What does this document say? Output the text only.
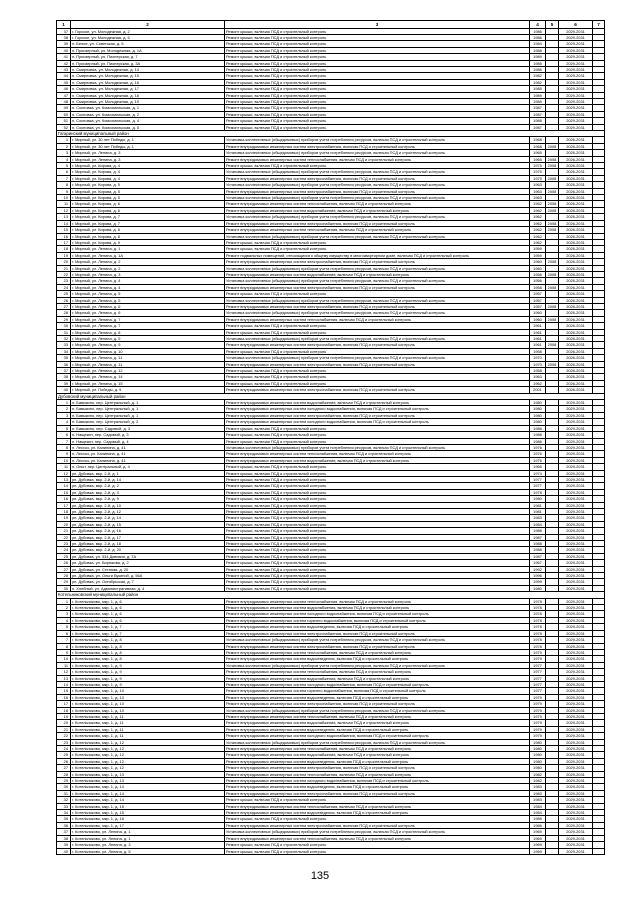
1	2	3	4	5	6	7
37	г. Горское, ул. Молодежная, д. 2	Ремонт крыши, включая ПСД и строительный контроль	1986		2029-2031	
38	г. Горское, ул. Молодежная, д. 5	Ремонт крыши, включая ПСД и строительный контроль	1986		2029-2031	
39	п. Белое, ул. Советская, д. 5	Ремонт крыши, включая ПСД и строительный контроль	1984		2029-2031	
40	п. Приозерный, ул. Молодежная, д. 1А	Ремонт крыши, включая ПСД и строительный контроль	1988		2029-2031	
41	п. Приозерный, ул. Пионерская, д. 7	Ремонт крыши, включая ПСД и строительный контроль	1989		2029-2031	
42	п. Приозерный, ул. Пионерская, д. 3А	Ремонт крыши, включая ПСД и строительный контроль	1985		2029-2031	
43	п. Смирновка, ул. Молодежная, д. 14	Ремонт крыши, включая ПСД и строительный контроль	1986		2029-2031	
44	п. Смирновка, ул. Молодежная, д. 15	Ремонт крыши, включая ПСД и строительный контроль	1982		2029-2031	
45	п. Смирновка, ул. Молодежная, д. 16	Ремонт крыши, включая ПСД и строительный контроль	1982		2029-2031	
46	п. Смирновка, ул. Молодежная, д. 17	Ремонт крыши, включая ПСД и строительный контроль	1985		2029-2031	
47	п. Смирновка, ул. Молодежная, д. 18	Ремонт крыши, включая ПСД и строительный контроль	1989		2029-2031	
48	п. Смирновка, ул. Молодежная, д. 19	Ремонт крыши, включая ПСД и строительный контроль	1989		2029-2031	
49	п. Сосновка, ул. Комсомольская, д. 1	Ремонт крыши, включая ПСД и строительный контроль	1987		2029-2031	
50	п. Сосновка, ул. Комсомольская, д. 2	Ремонт крыши, включая ПСД и строительный контроль	1987		2029-2031	
51	п. Сосновка, ул. Комсомольская, д. 4	Ремонт крыши, включая ПСД и строительный контроль	1988		2029-2031	
52	п. Сосновка, ул. Комсомольская, д. 5	Ремонт крыши, включая ПСД и строительный контроль	1987		2029-2031	
Гагаринский муниципальный район						
1	г. Мирный, ул. 30 лет Победы, д. 1	Установка коллективных (общедомовых) приборов учета потребления ресурсов, включая ПСД и строительный контроль	1968		2026-2031	
2	г. Мирный, ул. 30 лет Победы, д. 1	Ремонт внутридомовых инженерных систем электроснабжения, включая ПСД и строительный контроль	1968	2008	2026-2031	
3	г. Мирный, ул. Ленина, д. 3	Установка коллективных (общедомовых) приборов учета потребления ресурсов, включая ПСД и строительный контроль	1965		2026-2031	
4	г. Мирный, ул. Ленина, д. 3	Ремонт внутридомовых инженерных систем теплоснабжения, включая ПСД и строительный контроль	1965	2008	2026-2031	
5	г. Мирный, ул. Кирова, д. 4	Ремонт крыши, включая ПСД и строительный контроль	1975	2008	2026-2031	
6	г. Мирный, ул. Кирова, д. 4	Установка коллективных (общедомовых) приборов учета потребления ресурсов, включая ПСД и строительный контроль	1975		2026-2031	
7	г. Мирный, ул. Кирова, д. 4	Ремонт внутридомовых инженерных систем электроснабжения, включая ПСД и строительный контроль	1975	2008	2026-2031	
8	г. Мирный, ул. Кирова, д. 5	Установка коллективных (общедомовых) приборов учета потребления ресурсов, включая ПСД и строительный контроль	1963		2026-2031	
9	г. Мирный, ул. Кирова, д. 5	Ремонт внутридомовых инженерных систем электроснабжения, включая ПСД и строительный контроль	1963	2008	2026-2031	
10	г. Мирный, ул. Кирова, д. 5	Установка коллективных (общедомовых) приборов учета потребления ресурсов, включая ПСД и строительный контроль	1963		2026-2031	
11	г. Мирный, ул. Кирова, д. 6	Ремонт внутридомовых инженерных систем теплоснабжения, включая ПСД и строительный контроль	1962	2008	2026-2031	
12	г. Мирный, ул. Кирова, д. 6	Ремонт внутридомовых инженерных систем водоснабжения, включая ПСД и строительный контроль	1962	2008	2026-2031	
13	г. Мирный, ул. Кирова, д. 7	Установка коллективных (общедомовых) приборов учета потребления ресурсов, включая ПСД и строительный контроль	1962		2026-2031	
14	г. Мирный, ул. Кирова, д. 7	Ремонт внутридомовых инженерных систем электроснабжения, включая ПСД и строительный контроль	1962	2008	2026-2031	
15	г. Мирный, ул. Кирова, д. 8	Ремонт внутридомовых инженерных систем теплоснабжения, включая ПСД и строительный контроль	1962	2008	2026-2031	
16	г. Мирный, ул. Кирова, д. 8	Установка коллективных (общедомовых) приборов учета потребления ресурсов, включая ПСД и строительный контроль	1962		2026-2031	
17	г. Мирный, ул. Кирова, д. 9	Ремонт крыши, включая ПСД и строительный контроль	1962		2026-2031	
18	г. Мирный, ул. Ленина, д. 1	Ремонт крыши, включая ПСД и строительный контроль	1959		2026-2031	
19	г. Мирный, ул. Ленина, д. 1А	Ремонт подвальных помещений, относящихся к общему имуществу в многоквартирном доме, включая ПСД и строительный контроль	1959		2026-2031	
20	г. Мирный, ул. Ленина, д. 2	Ремонт внутридомовых инженерных систем электроснабжения, включая ПСД и строительный контроль	1960	2008	2026-2031	
21	г. Мирный, ул. Ленина, д. 2	Установка коллективных (общедомовых) приборов учета потребления ресурсов, включая ПСД и строительный контроль	1960		2026-2031	
22	г. Мирный, ул. Ленина, д. 3	Ремонт внутридомовых инженерных систем водоснабжения, включая ПСД и строительный контроль	1956	2008	2026-2031	
23	г. Мирный, ул. Ленина, д. 4	Установка коллективных (общедомовых) приборов учета потребления ресурсов, включая ПСД и строительный контроль	1956		2026-2031	
24	г. Мирный, ул. Ленина, д. 4	Ремонт внутридомовых инженерных систем электроснабжения, включая ПСД и строительный контроль	1958	2008	2026-2031	
25	г. Мирный, ул. Ленина, д. 5	Ремонт крыши, включая ПСД и строительный контроль	1957		2026-2031	
26	г. Мирный, ул. Ленина, д. 5	Установка коллективных (общедомовых) приборов учета потребления ресурсов, включая ПСД и строительный контроль	1957		2026-2031	
27	г. Мирный, ул. Ленина, д. 6	Ремонт внутридомовых инженерных систем электроснабжения, включая ПСД и строительный контроль	1957	2008	2026-2031	
28	г. Мирный, ул. Ленина, д. 6	Установка коллективных (общедомовых) приборов учета потребления ресурсов, включая ПСД и строительный контроль	1960		2026-2031	
29	г. Мирный, ул. Ленина, д. 7	Ремонт внутридомовых инженерных систем теплоснабжения, включая ПСД и строительный контроль	1960	2008	2026-2031	
30	г. Мирный, ул. Ленина, д. 7	Ремонт крыши, включая ПСД и строительный контроль	1961		2026-2031	
31	г. Мирный, ул. Ленина, д. 8	Ремонт крыши, включая ПСД и строительный контроль	1961		2026-2031	
32	г. Мирный, ул. Ленина, д. 9	Установка коллективных (общедомовых) приборов учета потребления ресурсов, включая ПСД и строительный контроль	1961		2026-2031	
33	г. Мирный, ул. Ленина, д. 9	Ремонт внутридомовых инженерных систем электроснабжения, включая ПСД и строительный контроль	1961	2008	2026-2031	
34	г. Мирный, ул. Ленина, д. 10	Ремонт крыши, включая ПСД и строительный контроль	1958		2026-2031	
35	г. Мирный, ул. Ленина, д. 11	Установка коллективных (общедомовых) приборов учета потребления ресурсов, включая ПСД и строительный контроль	1970		2026-2031	
36	г. Мирный, ул. Ленина, д. 11	Ремонт внутридомовых инженерных систем электроснабжения, включая ПСД и строительный контроль	1970	2008	2026-2031	
37	г. Мирный, ул. Ленина, д. 12	Ремонт крыши, включая ПСД и строительный контроль	1958		2026-2031	
38	г. Мирный, ул. Ленина, д. 14	Ремонт крыши, включая ПСД и строительный контроль	1963		2026-2031	
39	г. Мирный, ул. Ленина, д. 15	Ремонт крыши, включая ПСД и строительный контроль	1962		2026-2031	
40	г. Мирный, ул. Победы, д. 9	Ремонт внутридомовых инженерных систем электроснабжения, включая ПСД и строительный контроль	2001		2026-2031	
Дубовский муниципальный район						
1	п. Бавыкино, пер. Центральный, д. 1	Ремонт внутридомовых инженерных систем водоснабжения, включая ПСД и строительный контроль	1980		2029-2031	
2	п. Бавыкино, пер. Центральный, д. 1	Ремонт внутридомовых инженерных систем холодного водоснабжения, включая ПСД и строительный контроль	1980		2029-2031	
3	п. Бавыкино, пер. Центральный, д. 1	Ремонт внутридомовых инженерных систем электроснабжения, включая ПСД и строительный контроль	1980		2029-2031	
4	п. Бавыкино, пер. Центральный, д. 2	Ремонт внутридомовых инженерных систем холодного водоснабжения, включая ПСД и строительный контроль	1980		2029-2031	
5	п. Бавыкино, пер. Садовый, д. 3	Ремонт крыши, включая ПСД и строительный контроль	1986		2029-2031	
6	п. Нащекин, пер. Садовый, д. 3	Ремонт крыши, включая ПСД и строительный контроль	1986		2029-2031	
7	п. Нащекин, пер. Садовый, д. 4	Ремонт крыши, включая ПСД и строительный контроль	1986		2029-2031	
8	п. Лесхоз, ул. Калинина, д. 41	Установка коллективных (общедомовых) приборов учета потребления ресурсов, включая ПСД и строительный контроль	1976		2029-2031	
9	п. Лесхоз, ул. Калинина, д. 41	Ремонт внутридомовых инженерных систем теплоснабжения, включая ПСД и строительный контроль	1976		2029-2031	
10	п. Лесхоз, ул. Калинина, д. 41	Ремонт внутридомовых инженерных систем водоснабжения, включая ПСД и строительный контроль	1976		2029-2031	
11	п. Опыт, пер. Центральный, д. 4	Ремонт крыши, включая ПСД и строительный контроль	1965		2029-2031	
12	рп. Дубовка, мкр. 2-й, д. 1	Ремонт крыши, включая ПСД и строительный контроль	1974		2029-2031	
13	рп. Дубовка, мкр. 2-й, д. 14	Ремонт крыши, включая ПСД и строительный контроль	1977		2029-2031	
14	рп. Дубовка, мкр. 2-й, д. 2	Ремонт крыши, включая ПСД и строительный контроль	1977		2029-2031	
15	рп. Дубовка, мкр. 2-й, д. 4	Ремонт крыши, включая ПСД и строительный контроль	1978		2029-2031	
16	рп. Дубовка, мкр. 2-й, д. 9	Ремонт крыши, включая ПСД и строительный контроль	1980		2029-2031	
17	рп. Дубовка, мкр. 2-й, д. 10	Ремонт крыши, включая ПСД и строительный контроль	1981		2029-2031	
18	рп. Дубовка, мкр. 2-й, д. 12	Ремонт крыши, включая ПСД и строительный контроль	1981		2029-2031	
19	рп. Дубовка, мкр. 2-й, д. 14	Ремонт крыши, включая ПСД и строительный контроль	1983		2029-2031	
20	рп. Дубовка, мкр. 2-й, д. 15	Ремонт крыши, включая ПСД и строительный контроль	1984		2029-2031	
21	рп. Дубовка, мкр. 2-й, д. 16	Ремонт крыши, включая ПСД и строительный контроль	1986		2029-2031	
22	рп. Дубовка, мкр. 2-й, д. 17	Ремонт крыши, включая ПСД и строительный контроль	1987		2029-2031	
23	рп. Дубовка, мкр. 2-й, д. 18	Ремонт крыши, включая ПСД и строительный контроль	1988		2029-2031	
24	рп. Дубовка, мкр. 2-й, д. 20	Ремонт крыши, включая ПСД и строительный контроль	1988		2029-2031	
25	рп. Дубовка, ул. 334 Дивизии, д. 7А	Ремонт крыши, включая ПСД и строительный контроль	1987		2029-2031	
26	рп. Дубовка, ул. Бирюкова, д. 2	Ремонт крыши, включая ПСД и строительный контроль	1967		2029-2031	
27	рп. Дубовка, ул. Степная, д. 20	Ремонт крыши, включая ПСД и строительный контроль	1992		2029-2031	
28	рп. Дубовка, ул. Ольги Букиной, д. 56А	Ремонт крыши, включая ПСД и строительный контроль	1996		2029-2031	
29	рп. Дубовка, ул. Октябрьская, д. 7	Ремонт крыши, включая ПСД и строительный контроль	1999		2029-2031	
30	п. Хлебный, ул. Административная, д. 4	Ремонт крыши, включая ПСД и строительный контроль	1980		2029-2031	
Котельниковский муниципальный район						
1	г. Котельниково, мкр. 1, д. 6	Ремонт внутридомовых инженерных систем теплоснабжения, включая ПСД и строительный контроль	1978		2029-2031	
2	г. Котельниково, мкр. 1, д. 6	Ремонт внутридомовых инженерных систем водоснабжения, включая ПСД и строительный контроль	1978		2029-2031	
3	г. Котельниково, мкр. 1, д. 6	Ремонт внутридомовых инженерных систем холодного водоснабжения, включая ПСД и строительный контроль	1978		2029-2031	
4	г. Котельниково, мкр. 1, д. 6	Ремонт внутридомовых инженерных систем горячего водоснабжения, включая ПСД и строительный контроль	1978		2029-2031	
5	г. Котельниково, мкр. 1, д. 7	Ремонт внутридомовых инженерных систем водоотведения, включая ПСД и строительный контроль	1978		2029-2031	
6	г. Котельниково, мкр. 1, д. 7	Ремонт внутридомовых инженерных систем электроснабжения, включая ПСД и строительный контроль	1978		2029-2031	
7	г. Котельниково, мкр. 1, д. 8	Установка коллективных (общедомовых) приборов учета потребления ресурсов, включая ПСД и строительный контроль	1978		2029-2031	
8	г. Котельниково, мкр. 1, д. 8	Ремонт внутридомовых инженерных систем электроснабжения, включая ПСД и строительный контроль	1978		2029-2031	
9	г. Котельниково, мкр. 1, д. 8	Ремонт внутридомовых инженерных систем теплоснабжения, включая ПСД и строительный контроль	1979		2029-2031	
10	г. Котельниково, мкр. 1, д. 8	Ремонт внутридомовых инженерных систем водоотведения, включая ПСД и строительный контроль	1979		2029-2031	
11	г. Котельниково, мкр. 1, д. 9	Установка коллективных (общедомовых) приборов учета потребления ресурсов, включая ПСД и строительный контроль	1977		2029-2031	
12	г. Котельниково, мкр. 1, д. 9	Ремонт внутридомовых инженерных систем теплоснабжения, включая ПСД и строительный контроль	1977		2029-2031	
13	г. Котельниково, мкр. 1, д. 9	Ремонт внутридомовых инженерных систем водоснабжения, включая ПСД и строительный контроль	1977		2029-2031	
14	г. Котельниково, мкр. 1, д. 9	Ремонт внутридомовых инженерных систем холодного водоснабжения, включая ПСД и строительный контроль	1977		2029-2031	
15	г. Котельниково, мкр. 1, д. 10	Ремонт внутридомовых инженерных систем горячего водоснабжения, включая ПСД и строительный контроль	1977		2029-2031	
16	г. Котельниково, мкр. 1, д. 10	Ремонт внутридомовых инженерных систем водоотведения, включая ПСД и строительный контроль	1979		2029-2031	
17	г. Котельниково, мкр. 1, д. 10	Ремонт внутридомовых инженерных систем электроснабжения, включая ПСД и строительный контроль	1979		2029-2031	
18	г. Котельниково, мкр. 1, д. 10	Установка коллективных (общедомовых) приборов учета потребления ресурсов, включая ПСД и строительный контроль	1979		2029-2031	
19	г. Котельниково, мкр. 1, д. 11	Ремонт внутридомовых инженерных систем теплоснабжения, включая ПСД и строительный контроль	1979		2029-2031	
20	г. Котельниково, мкр. 1, д. 11	Ремонт внутридомовых инженерных систем водоснабжения, включая ПСД и строительный контроль	1979		2029-2031	
21	г. Котельниково, мкр. 1, д. 11	Ремонт внутридомовых инженерных систем водоотведения, включая ПСД и строительный контроль	1979		2029-2031	
22	г. Котельниково, мкр. 1, д. 11	Ремонт внутридомовых инженерных систем холодного водоснабжения, включая ПСД и строительный контроль	1979		2029-2031	
23	г. Котельниково, мкр. 1, д. 12	Установка коллективных (общедомовых) приборов учета потребления ресурсов, включая ПСД и строительный контроль	1980		2029-2031	
24	г. Котельниково, мкр. 1, д. 12	Ремонт внутридомовых инженерных систем теплоснабжения, включая ПСД и строительный контроль	1980		2029-2031	
25	г. Котельниково, мкр. 1, д. 12	Ремонт внутридомовых инженерных систем водоснабжения, включая ПСД и строительный контроль	1980		2029-2031	
26	г. Котельниково, мкр. 1, д. 12	Ремонт внутридомовых инженерных систем водоотведения, включая ПСД и строительный контроль	1980		2029-2031	
27	г. Котельниково, мкр. 1, д. 12	Ремонт внутридомовых инженерных систем электроснабжения, включая ПСД и строительный контроль	1980		2029-2031	
28	г. Котельниково, мкр. 1, д. 13	Ремонт внутридомовых инженерных систем теплоснабжения, включая ПСД и строительный контроль	1982		2029-2031	
29	г. Котельниково, мкр. 1, д. 13	Ремонт внутридомовых инженерных систем холодного водоснабжения, включая ПСД и строительный контроль	1982		2029-2031	
30	г. Котельниково, мкр. 1, д. 14	Ремонт внутридомовых инженерных систем водоотведения, включая ПСД и строительный контроль	1983		2029-2031	
31	г. Котельниково, мкр. 1, д. 14	Ремонт внутридомовых инженерных систем электроснабжения, включая ПСД и строительный контроль	1983		2029-2031	
32	г. Котельниково, мкр. 1, д. 14	Ремонт крыши, включая ПСД и строительный контроль	1983		2029-2031	
33	г. Котельниково, мкр. 1, д. 15	Ремонт внутридомовых инженерных систем теплоснабжения, включая ПСД и строительный контроль	1984		2029-2031	
34	г. Котельниково, мкр. 1, д. 15	Ремонт внутридомовых инженерных систем водоотведения, включая ПСД и строительный контроль	1984		2029-2031	
35	г. Котельниково, мкр. 1, д. 16	Ремонт крыши, включая ПСД и строительный контроль	1985		2029-2031	
36	г. Котельниково, мкр. 1, д. 17	Ремонт внутридомовых инженерных систем электроснабжения, включая ПСД и строительный контроль	1986		2029-2031	
37	г. Котельниково, ул. Ленина, д. 1	Установка коллективных (общедомовых) приборов учета потребления ресурсов, включая ПСД и строительный контроль	1969		2029-2031	
38	г. Котельниково, ул. Ленина, д. 1	Ремонт внутридомовых инженерных систем теплоснабжения, включая ПСД и строительный контроль	1969		2029-2031	
39	г. Котельниково, ул. Ленина, д. 3	Ремонт крыши, включая ПСД и строительный контроль	1969		2029-2031	
40	г. Котельниково, ул. Ленина, д. 5	Ремонт крыши, включая ПСД и строительный контроль	1969		2029-2031	
135
